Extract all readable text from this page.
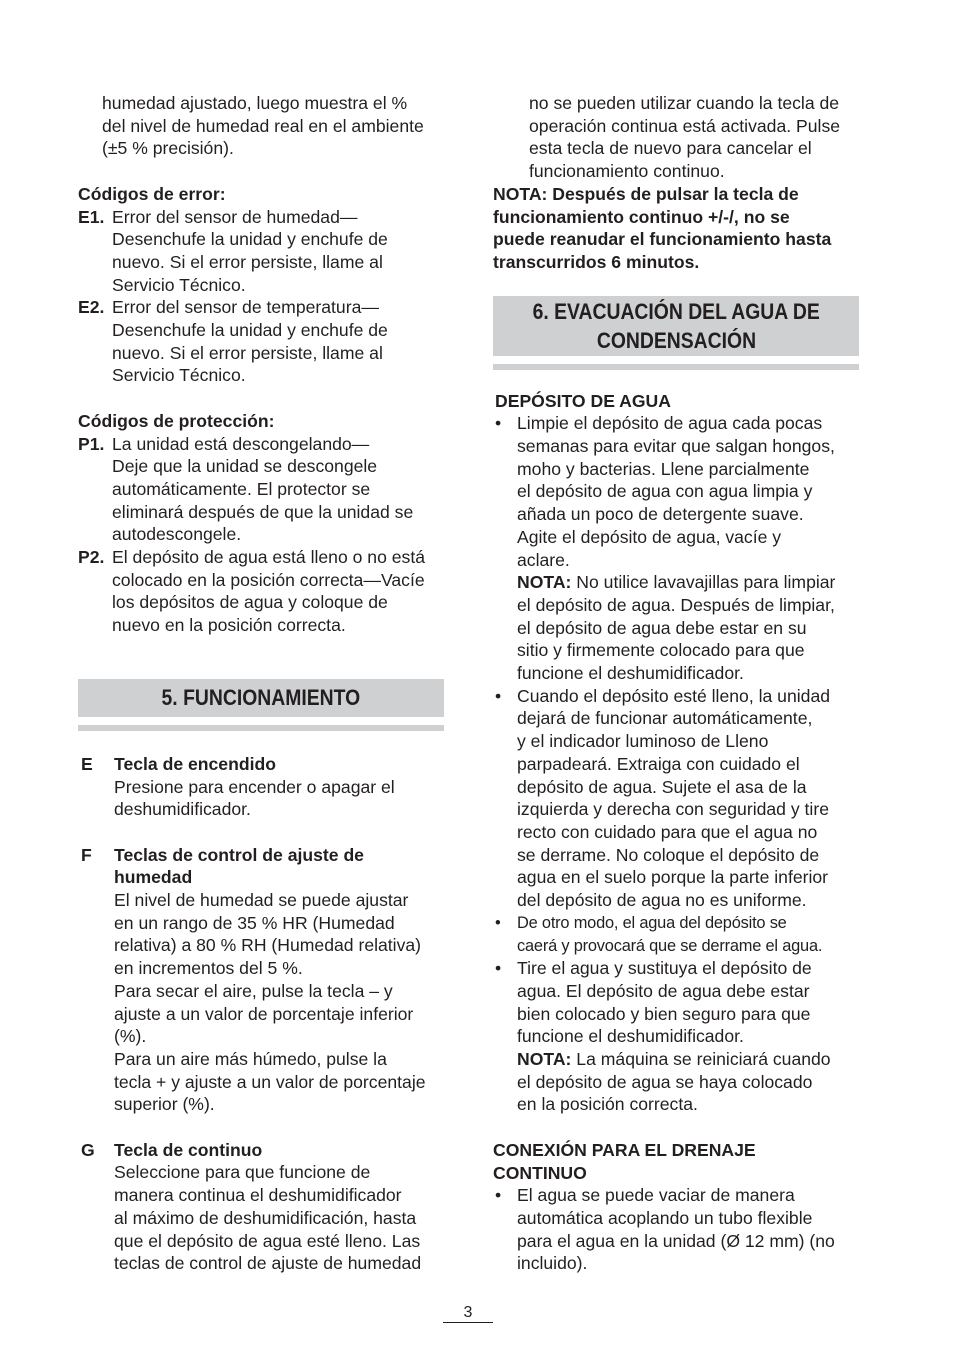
humedad ajustado, luego muestra el %

del nivel de humedad real en el ambiente

(±5 % precisión).

Códigos de error:

E1. Error del sensor de humedad—

Desenchufe la unidad y enchufe de

nuevo. Si el error persiste, llame al

Servicio Técnico.

E2. Error del sensor de temperatura—

Desenchufe la unidad y enchufe de

nuevo. Si el error persiste, llame al

Servicio Técnico.

Códigos de protección:

P1. La unidad está descongelando—

Deje que la unidad se descongele

automáticamente. El protector se

eliminará después de que la unidad se

autodescongele.

P2. El depósito de agua está lleno o no está

colocado en la posición correcta—Vacíe

los depósitos de agua y coloque de

nuevo en la posición correcta.

5. FUNCIONAMIENTO
E	Tecla de encendido

Presione para encender o apagar el

deshumidificador.

F	Teclas de control de ajuste de

humedad

El nivel de humedad se puede ajustar

en un rango de 35 % HR (Humedad

relativa) a 80 % RH (Humedad relativa)

en incrementos del 5 %.

Para secar el aire, pulse la tecla – y

ajuste a un valor de porcentaje inferior

(%).

Para un aire más húmedo, pulse la

tecla + y ajuste a un valor de porcentaje

superior (%).

G	Tecla de continuo

Seleccione para que funcione de

manera continua el deshumidificador

al máximo de deshumidificación, hasta

que el depósito de agua esté lleno. Las

teclas de control de ajuste de humedad

no se pueden utilizar cuando la tecla de

operación continua está activada. Pulse

esta tecla de nuevo para cancelar el

funcionamiento continuo.

NOTA: Después de pulsar la tecla de

funcionamiento continuo +/-/, no se

puede reanudar el funcionamiento hasta

transcurridos 6 minutos.

6. EVACUACIÓN DEL AGUA DE
CONDENSACIÓN

DEPÓSITO DE AGUA

• Limpie el depósito de agua cada pocas

semanas para evitar que salgan hongos,

moho y bacterias. Llene parcialmente

el depósito de agua con agua limpia y

añada un poco de detergente suave.

Agite el depósito de agua, vacíe y

aclare.

NOTA: No utilice lavavajillas para limpiar

el depósito de agua. Después de limpiar,

el depósito de agua debe estar en su

sitio y firmemente colocado para que

funcione el deshumidificador.

• Cuando el depósito esté lleno, la unidad

dejará de funcionar automáticamente,

y el indicador luminoso de Lleno

parpadeará. Extraiga con cuidado el

depósito de agua. Sujete el asa de la

izquierda y derecha con seguridad y tire

recto con cuidado para que el agua no

se derrame. No coloque el depósito de

agua en el suelo porque la parte inferior

del depósito de agua no es uniforme.

•	De otro modo, el agua del depósito se

caerá y provocará que se derrame el agua.

• Tire el agua y sustituya el depósito de

agua. El depósito de agua debe estar

bien colocado y bien seguro para que

funcione el deshumidificador.

NOTA: La máquina se reiniciará cuando

el depósito de agua se haya colocado

en la posición correcta.

CONEXIÓN PARA EL DRENAJE

CONTINUO

• El agua se puede vaciar de manera

automática acoplando un tubo flexible

para el agua en la unidad (Ø 12 mm) (no

incluido).

3
